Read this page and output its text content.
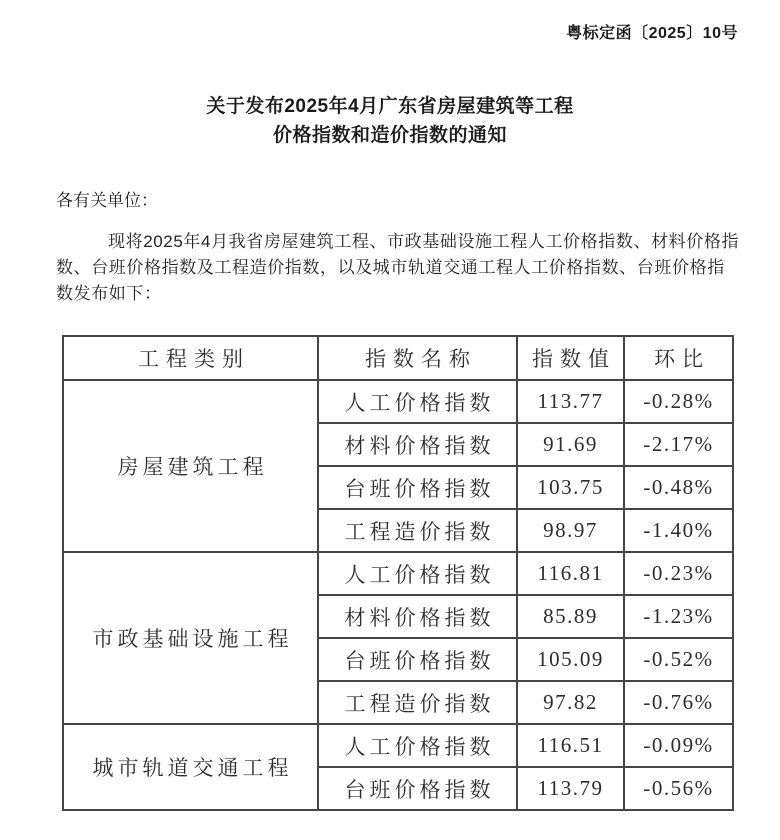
粤标定函〔2025〕10号
关于发布2025年4月广东省房屋建筑等工程
价格指数和造价指数的通知
各有关单位：
现将2025年4月我省房屋建筑工程、市政基础设施工程人工价格指数、材料价格指
数、台班价格指数及工程造价指数，以及城市轨道交通工程人工价格指数、台班价格指
数发布如下：
工程类别	指数名称	指数值	环比
房屋建筑工程	人工价格指数	113.77	-0.28%
	材料价格指数	91.69	-2.17%
	台班价格指数	103.75	-0.48%
	工程造价指数	98.97	-1.40%
市政基础设施工程	人工价格指数	116.81	-0.23%
	材料价格指数	85.89	-1.23%
	台班价格指数	105.09	-0.52%
	工程造价指数	97.82	-0.76%
城市轨道交通工程	人工价格指数	116.51	-0.09%
	台班价格指数	113.79	-0.56%
